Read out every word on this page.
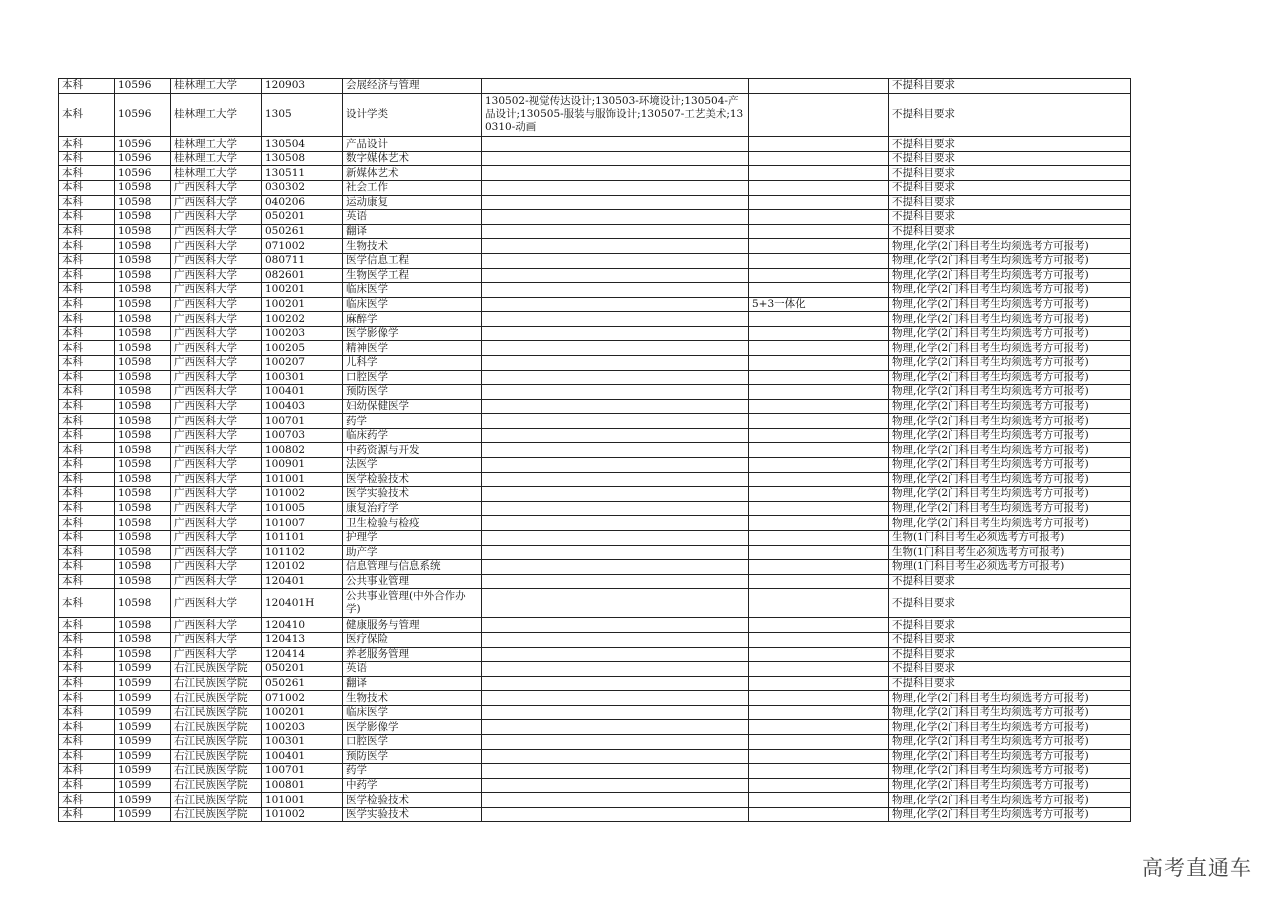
本科	10596	桂林理工大学	120903	会展经济与管理			不提科目要求
本科	10596	桂林理工大学	1305	设计学类	130502-视觉传达设计;130503-环境设计;130504-产品设计;130505-服装与服饰设计;130507-工艺美术;130310-动画		不提科目要求
本科	10596	桂林理工大学	130504	产品设计			不提科目要求
本科	10596	桂林理工大学	130508	数字媒体艺术			不提科目要求
本科	10596	桂林理工大学	130511	新媒体艺术			不提科目要求
本科	10598	广西医科大学	030302	社会工作			不提科目要求
本科	10598	广西医科大学	040206	运动康复			不提科目要求
本科	10598	广西医科大学	050201	英语			不提科目要求
本科	10598	广西医科大学	050261	翻译			不提科目要求
本科	10598	广西医科大学	071002	生物技术			物理,化学(2门科目考生均须选考方可报考)
本科	10598	广西医科大学	080711	医学信息工程			物理,化学(2门科目考生均须选考方可报考)
本科	10598	广西医科大学	082601	生物医学工程			物理,化学(2门科目考生均须选考方可报考)
本科	10598	广西医科大学	100201	临床医学			物理,化学(2门科目考生均须选考方可报考)
本科	10598	广西医科大学	100201	临床医学		5+3一体化	物理,化学(2门科目考生均须选考方可报考)
本科	10598	广西医科大学	100202	麻醉学			物理,化学(2门科目考生均须选考方可报考)
本科	10598	广西医科大学	100203	医学影像学			物理,化学(2门科目考生均须选考方可报考)
本科	10598	广西医科大学	100205	精神医学			物理,化学(2门科目考生均须选考方可报考)
本科	10598	广西医科大学	100207	儿科学			物理,化学(2门科目考生均须选考方可报考)
本科	10598	广西医科大学	100301	口腔医学			物理,化学(2门科目考生均须选考方可报考)
本科	10598	广西医科大学	100401	预防医学			物理,化学(2门科目考生均须选考方可报考)
本科	10598	广西医科大学	100403	妇幼保健医学			物理,化学(2门科目考生均须选考方可报考)
本科	10598	广西医科大学	100701	药学			物理,化学(2门科目考生均须选考方可报考)
本科	10598	广西医科大学	100703	临床药学			物理,化学(2门科目考生均须选考方可报考)
本科	10598	广西医科大学	100802	中药资源与开发			物理,化学(2门科目考生均须选考方可报考)
本科	10598	广西医科大学	100901	法医学			物理,化学(2门科目考生均须选考方可报考)
本科	10598	广西医科大学	101001	医学检验技术			物理,化学(2门科目考生均须选考方可报考)
本科	10598	广西医科大学	101002	医学实验技术			物理,化学(2门科目考生均须选考方可报考)
本科	10598	广西医科大学	101005	康复治疗学			物理,化学(2门科目考生均须选考方可报考)
本科	10598	广西医科大学	101007	卫生检验与检疫			物理,化学(2门科目考生均须选考方可报考)
本科	10598	广西医科大学	101101	护理学			生物(1门科目考生必须选考方可报考)
本科	10598	广西医科大学	101102	助产学			生物(1门科目考生必须选考方可报考)
本科	10598	广西医科大学	120102	信息管理与信息系统			物理(1门科目考生必须选考方可报考)
本科	10598	广西医科大学	120401	公共事业管理			不提科目要求
本科	10598	广西医科大学	120401H	公共事业管理(中外合作办学)			不提科目要求
本科	10598	广西医科大学	120410	健康服务与管理			不提科目要求
本科	10598	广西医科大学	120413	医疗保险			不提科目要求
本科	10598	广西医科大学	120414	养老服务管理			不提科目要求
本科	10599	右江民族医学院	050201	英语			不提科目要求
本科	10599	右江民族医学院	050261	翻译			不提科目要求
本科	10599	右江民族医学院	071002	生物技术			物理,化学(2门科目考生均须选考方可报考)
本科	10599	右江民族医学院	100201	临床医学			物理,化学(2门科目考生均须选考方可报考)
本科	10599	右江民族医学院	100203	医学影像学			物理,化学(2门科目考生均须选考方可报考)
本科	10599	右江民族医学院	100301	口腔医学			物理,化学(2门科目考生均须选考方可报考)
本科	10599	右江民族医学院	100401	预防医学			物理,化学(2门科目考生均须选考方可报考)
本科	10599	右江民族医学院	100701	药学			物理,化学(2门科目考生均须选考方可报考)
本科	10599	右江民族医学院	100801	中药学			物理,化学(2门科目考生均须选考方可报考)
本科	10599	右江民族医学院	101001	医学检验技术			物理,化学(2门科目考生均须选考方可报考)
本科	10599	右江民族医学院	101002	医学实验技术			物理,化学(2门科目考生均须选考方可报考)
高考直通车
